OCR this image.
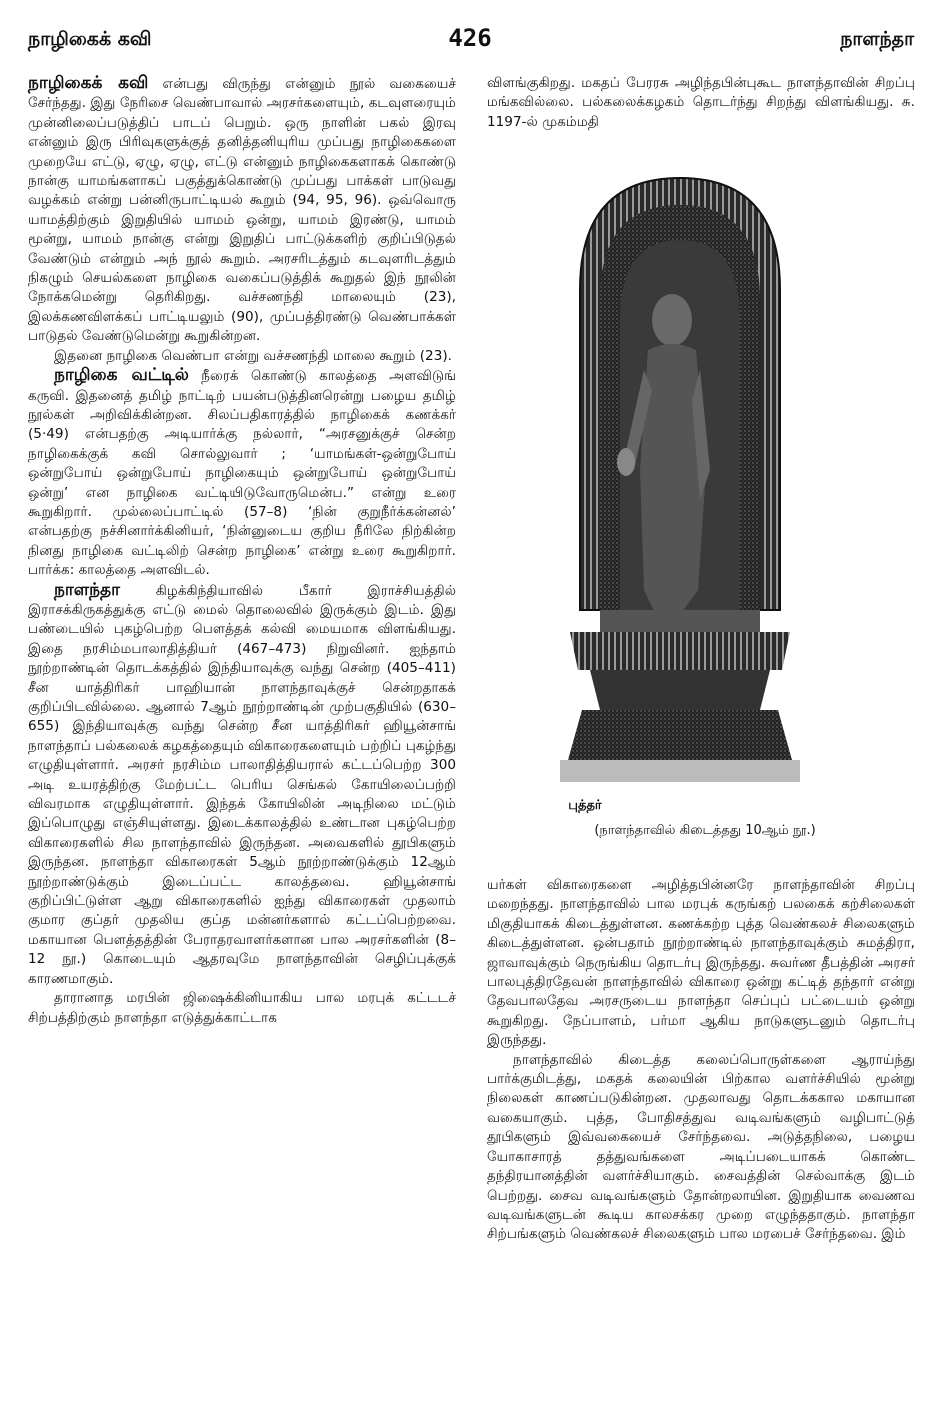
நாழிகைக் கவி	426	நாளந்தா

நாழிகைக் கவி என்பது விருந்து என்னும் நூல் வகையைச் சேர்ந்தது. இது நேரிசை வெண்பாவால் அரசர்களையும், கடவுளரையும் முன்னிலைப்படுத்திப் பாடப் பெறும். ஒரு நாளின் பகல் இரவு என்னும் இரு பிரிவுகளுக்குத் தனித்தனியுரிய முப்பது நாழிகைகளை முறையே எட்டு, ஏழு, ஏழு, எட்டு என்னும் நாழிகைகளாகக் கொண்டு நான்கு யாமங்களாகப் பகுத்துக்கொண்டு முப்பது பாக்கள் பாடுவது வழக்கம் என்று பன்னிருபாட்டியல் கூறும் (94, 95, 96). ஒவ்வொரு யாமத்திற்கும் இறுதியில் யாமம் ஒன்று, யாமம் இரண்டு, யாமம் மூன்று, யாமம் நான்கு என்று இறுதிப் பாட்டுக்களிற் குறிப்பிடுதல் வேண்டும் என்றும் அந் நூல் கூறும். அரசரிடத்தும் கடவுளரிடத்தும் நிகழும் செயல்களை நாழிகை வகைப்படுத்திக் கூறுதல் இந் நூலின் நோக்கமென்று தெரிகிறது. வச்சணந்தி மாலையும் (23), இலக்கணவிளக்கப் பாட்டியலும் (90), முப்பத்திரண்டு வெண்பாக்கள் பாடுதல் வேண்டுமென்று கூறுகின்றன.

இதனை நாழிகை வெண்பா என்று வச்சணந்தி மாலை கூறும் (23).

நாழிகை வட்டில் நீரைக் கொண்டு காலத்தை அளவிடுங் கருவி. இதனைத் தமிழ் நாட்டிற் பயன்படுத்தினரென்று பழைய தமிழ் நூல்கள் அறிவிக்கின்றன. சிலப்பதிகாரத்தில் நாழிகைக் கணக்கர் (5·49) என்பதற்கு அடியார்க்கு நல்லார், “அரசனுக்குச் சென்ற நாழிகைக்குக் கவி சொல்லுவார் ; ‘யாமங்கள்-ஒன்றுபோய் ஒன்றுபோய் ஒன்றுபோய் நாழிகையும் ஒன்றுபோய் ஒன்றுபோய் ஒன்று’ என நாழிகை வட்டியிடுவோருமென்ப.” என்று உரை கூறுகிறார். முல்லைப்பாட்டில் (57–8) ‘நின் குறுநீர்க்கன்னல்’ என்பதற்கு நச்சினார்க்கினியர், ‘நின்னுடைய குறிய நீரிலே நிற்கின்ற நினது நாழிகை வட்டிலிற் சென்ற நாழிகை’ என்று உரை கூறுகிறார். பார்க்க: காலத்தை அளவிடல்.

நாளந்தா	கிழக்கிந்தியாவில் பீகார் இராச்சியத்தில் இராசக்கிருகத்துக்கு எட்டு மைல் தொலைவில் இருக்கும் இடம். இது பண்டையில் புகழ்பெற்ற பௌத்தக் கல்வி மையமாக விளங்கியது. இதை நரசிம்மபாலாதித்தியர் (467–473) நிறுவினர். ஐந்தாம் நூற்றாண்டின் தொடக்கத்தில் இந்தியாவுக்கு வந்து சென்ற (405–411) சீன யாத்திரிகர் பாஹியான் நாளந்தாவுக்குச் சென்றதாகக் குறிப்பிடவில்லை. ஆனால் 7ஆம் நூற்றாண்டின் முற்பகுதியில் (630–655) இந்தியாவுக்கு வந்து சென்ற சீன யாத்திரிகர் ஹியூன்சாங் நாளந்தாப் பல்கலைக் கழகத்தையும் விகாரைகளையும் பற்றிப் புகழ்ந்து எழுதியுள்ளார். அரசர் நரசிம்ம பாலாதித்தியரால் கட்டப்பெற்ற 300 அடி உயரத்திற்கு மேற்பட்ட பெரிய செங்கல் கோயிலைப்பற்றி விவரமாக எழுதியுள்ளார். இந்தக் கோயிலின் அடிநிலை மட்டும் இப்பொழுது எஞ்சியுள்ளது. இடைக்காலத்தில் உண்டான புகழ்பெற்ற விகாரைகளில் சில நாளந்தாவில் இருந்தன. அவைகளில் தூபிகளும் இருந்தன. நாளந்தா விகாரைகள் 5ஆம் நூற்றாண்டுக்கும் 12ஆம் நூற்றாண்டுக்கும் இடைப்பட்ட காலத்தவை. ஹியூன்சாங் குறிப்பிட்டுள்ள ஆறு விகாரைகளில் ஐந்து விகாரைகள் முதலாம் குமார குப்தர் முதலிய குப்த மன்னர்களால் கட்டப்பெற்றவை. மகாயான பௌத்தத்தின் பேராதரவாளர்களான பால அரசர்களின் (8–12 நூ.) கொடையும் ஆதரவுமே நாளந்தாவின் செழிப்புக்குக் காரணமாகும்.

தாரானாத மரபின் ஜிஷைக்கினியாகிய பால மரபுக் கட்டடச் சிற்பத்திற்கும் நாளந்தா எடுத்துக்காட்டாக

விளங்குகிறது. மகதப் பேரரசு அழிந்தபின்புகூட நாளந்தாவின் சிறப்பு மங்கவில்லை. பல்கலைக்கழகம் தொடர்ந்து சிறந்து விளங்கியது. சு. 1197-ல் முகம்மதி

புத்தர்
(நாளந்தாவில் கிடைத்தது 10ஆம் நூ.)

யர்கள் விகாரைகளை அழித்தபின்னரே நாளந்தாவின் சிறப்பு மறைந்தது. நாளந்தாவில் பால மரபுக் கருங்கற் பலகைக் கற்சிலைகள் மிகுதியாகக் கிடைத்துள்ளன. கணக்கற்ற புத்த வெண்கலச் சிலைகளும் கிடைத்துள்ளன. ஒன்பதாம் நூற்றாண்டில் நாளந்தாவுக்கும் சுமத்திரா, ஜாவாவுக்கும் நெருங்கிய தொடர்பு இருந்தது. சுவர்ண தீபத்தின் அரசர் பாலபுத்திரதேவன் நாளந்தாவில் விகாரை ஒன்று கட்டித் தந்தார் என்று தேவபாலதேவ அரசருடைய நாளந்தா செப்புப் பட்டையம் ஒன்று கூறுகிறது. நேப்பாளம், பர்மா ஆகிய நாடுகளுடனும் தொடர்பு இருந்தது.

நாளந்தாவில் கிடைத்த கலைப்பொருள்களை ஆராய்ந்து பார்க்குமிடத்து, மகதக் கலையின் பிற்கால வளர்ச்சியில் மூன்று நிலைகள் காணப்படுகின்றன. முதலாவது தொடக்ககால மகாயான வகையாகும். புத்த, போதிசத்துவ வடிவங்களும் வழிபாட்டுத் தூபிகளும் இவ்வகையைச் சேர்ந்தவை. அடுத்தநிலை, பழைய யோகாசாரத் தத்துவங்களை அடிப்படையாகக் கொண்ட தந்திரயானத்தின் வளர்ச்சியாகும். சைவத்தின் செல்வாக்கு இடம் பெற்றது. சைவ வடிவங்களும் தோன்றலாயின. இறுதியாக வைணவ வடிவங்களுடன் கூடிய காலசக்கர முறை எழுந்ததாகும். நாளந்தா சிற்பங்களும் வெண்கலச் சிலைகளும் பால மரபைச் சேர்ந்தவை. இம்
